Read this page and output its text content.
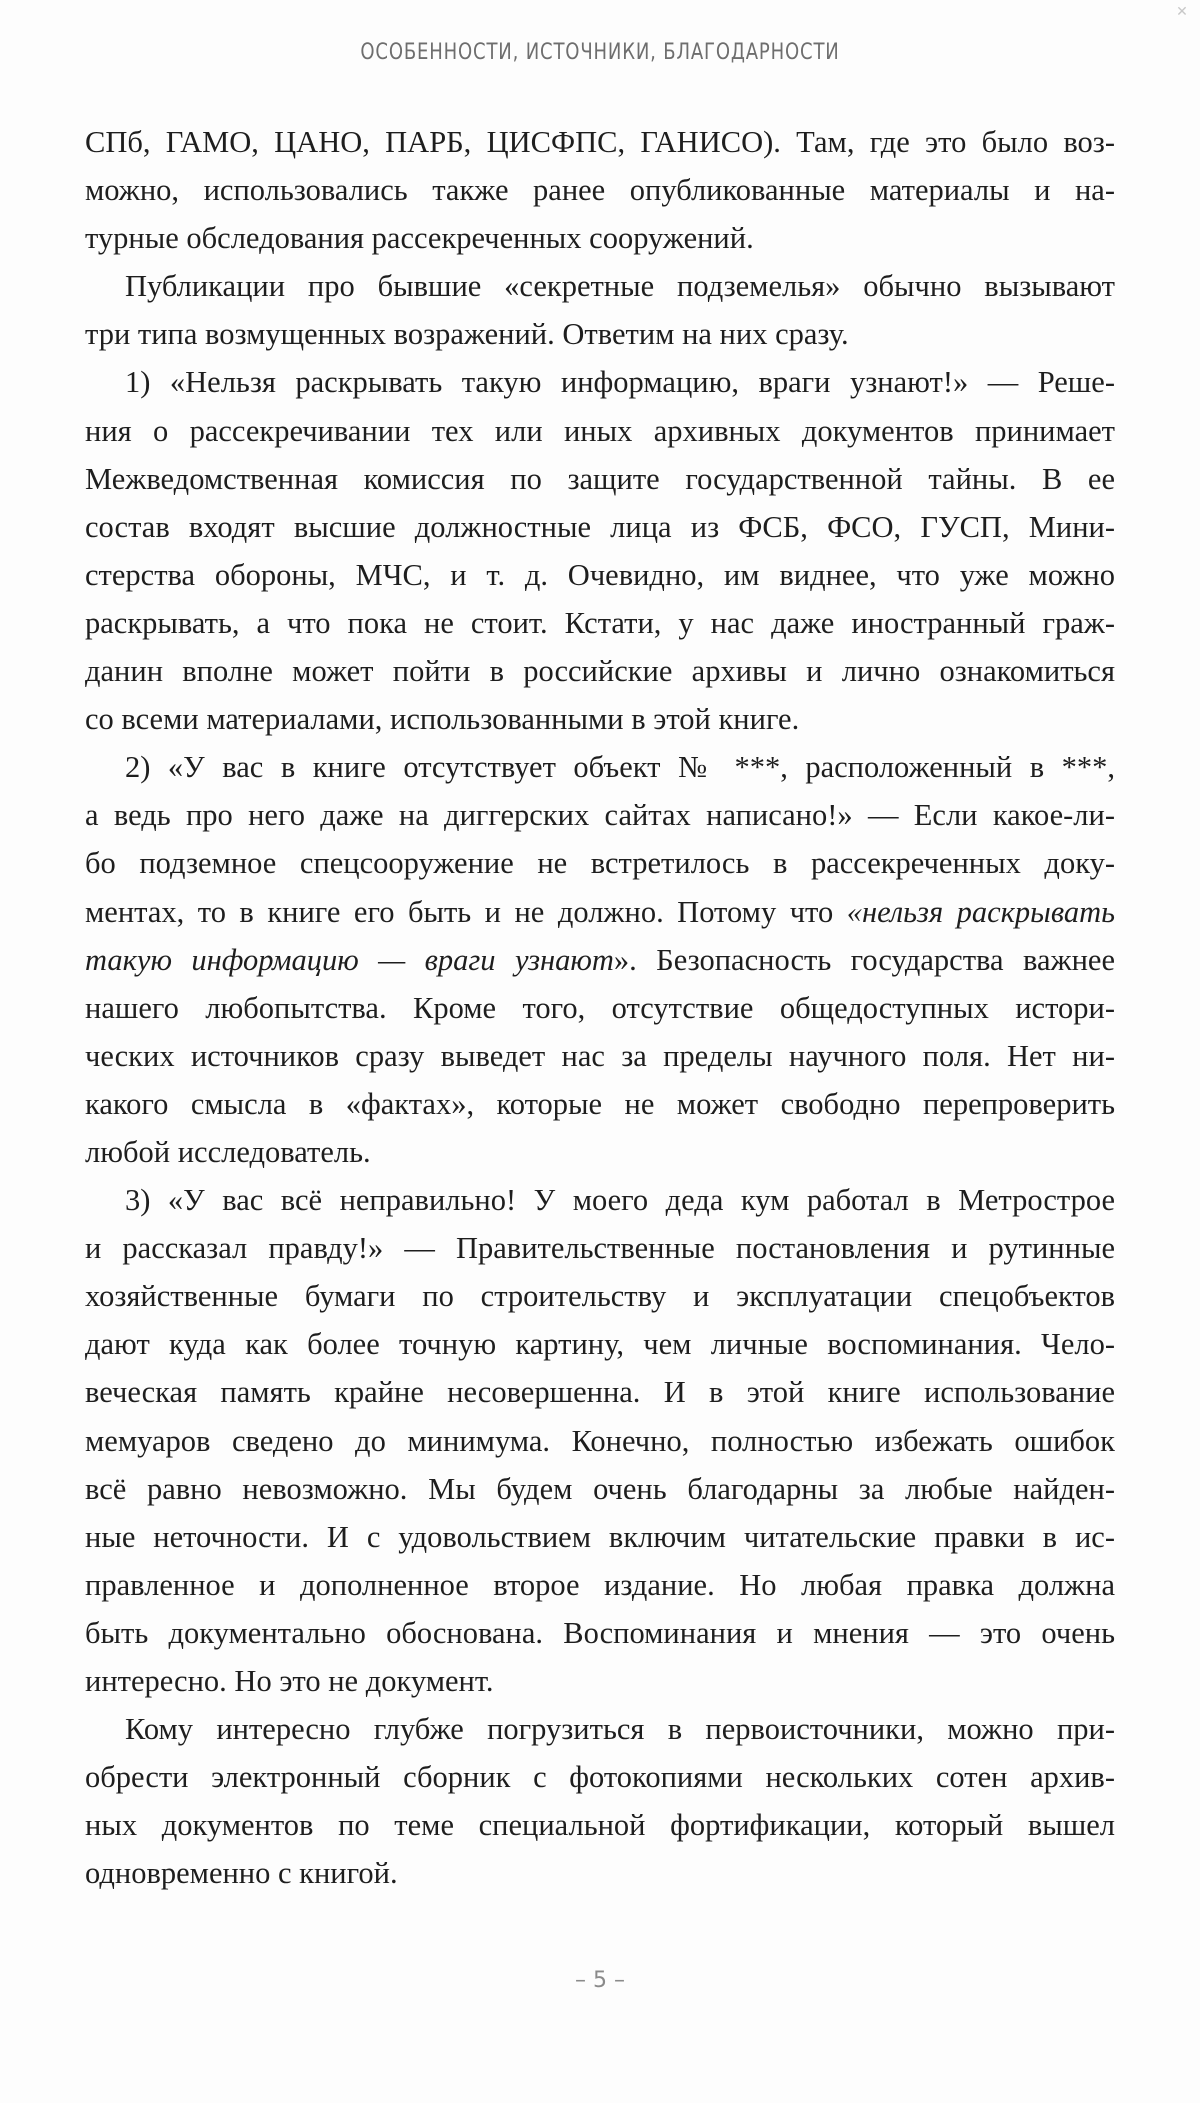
✕
ОСОБЕННОСТИ, ИСТОЧНИКИ, БЛАГОДАРНОСТИ
СПб, ГАМО, ЦАНО, ПАРБ, ЦИСФПС, ГАНИСО). Там, где это было воз-
можно, использовались также ранее опубликованные материалы и на-
турные обследования рассекреченных сооружений.
Публикации про бывшие «секретные подземелья» обычно вызывают
три типа возмущенных возражений. Ответим на них сразу.
1) «Нельзя раскрывать такую информацию, враги узнают!» — Реше-
ния о рассекречивании тех или иных архивных документов принимает
Межведомственная комиссия по защите государственной тайны. В ее
состав входят высшие должностные лица из ФСБ, ФСО, ГУСП, Мини-
стерства обороны, МЧС, и т. д. Очевидно, им виднее, что уже можно
раскрывать, а что пока не стоит. Кстати, у нас даже иностранный граж-
данин вполне может пойти в российские архивы и лично ознакомиться
со всеми материалами, использованными в этой книге.
2) «У вас в книге отсутствует объект № ***, расположенный в ***,
а ведь про него даже на диггерских сайтах написано!» — Если какое-ли-
бо подземное спецсооружение не встретилось в рассекреченных доку-
ментах, то в книге его быть и не должно. Потому что «нельзя раскрывать
такую информацию — враги узнают». Безопасность государства важнее
нашего любопытства. Кроме того, отсутствие общедоступных истори-
ческих источников сразу выведет нас за пределы научного поля. Нет ни-
какого смысла в «фактах», которые не может свободно перепроверить
любой исследователь.
3) «У вас всё неправильно! У моего деда кум работал в Метрострое
и рассказал правду!» — Правительственные постановления и рутинные
хозяйственные бумаги по строительству и эксплуатации спецобъектов
дают куда как более точную картину, чем личные воспоминания. Чело-
веческая память крайне несовершенна. И в этой книге использование
мемуаров сведено до минимума. Конечно, полностью избежать ошибок
всё равно невозможно. Мы будем очень благодарны за любые найден-
ные неточности. И с удовольствием включим читательские правки в ис-
правленное и дополненное второе издание. Но любая правка должна
быть документально обоснована. Воспоминания и мнения — это очень
интересно. Но это не документ.
Кому интересно глубже погрузиться в первоисточники, можно при-
обрести электронный сборник с фотокопиями нескольких сотен архив-
ных документов по теме специальной фортификации, который вышел
одновременно с книгой.
– 5 –
